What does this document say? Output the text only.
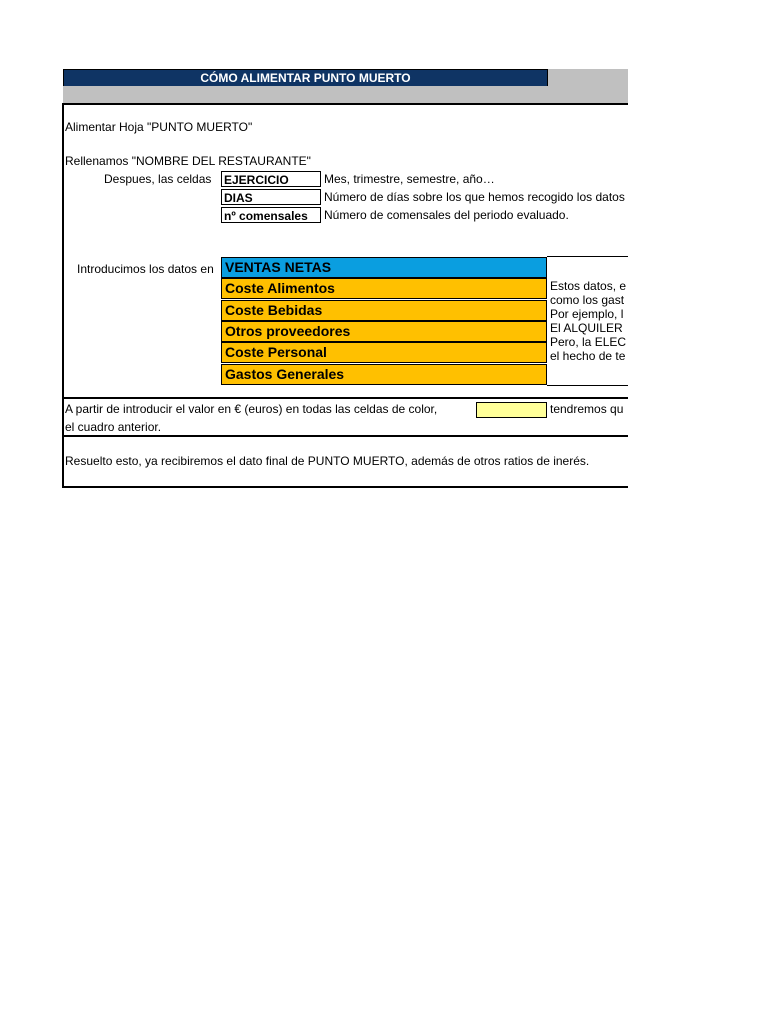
CÓMO ALIMENTAR PUNTO MUERTO
Alimentar Hoja "PUNTO MUERTO"
Rellenamos "NOMBRE DEL RESTAURANTE"
Despues, las celdas EJERCICIO	Mes, trimestre, semestre, año…
DIAS	Número de días sobre los que hemos recogido los datos
nº comensales	Número de comensales del periodo evaluado.
Introducimos los datos en VENTAS NETAS
Coste Alimentos
Coste Bebidas
Otros proveedores
Coste Personal
Gastos Generales
Estos datos, e
como los gast
Por ejemplo, l
El ALQUILER
Pero, la ELEC
el hecho de te
A partir de introducir el valor en € (euros) en todas las celdas de color,	tendremos qu
el cuadro anterior.
Resuelto esto, ya recibiremos el dato final de PUNTO MUERTO, además de otros ratios de inerés.
